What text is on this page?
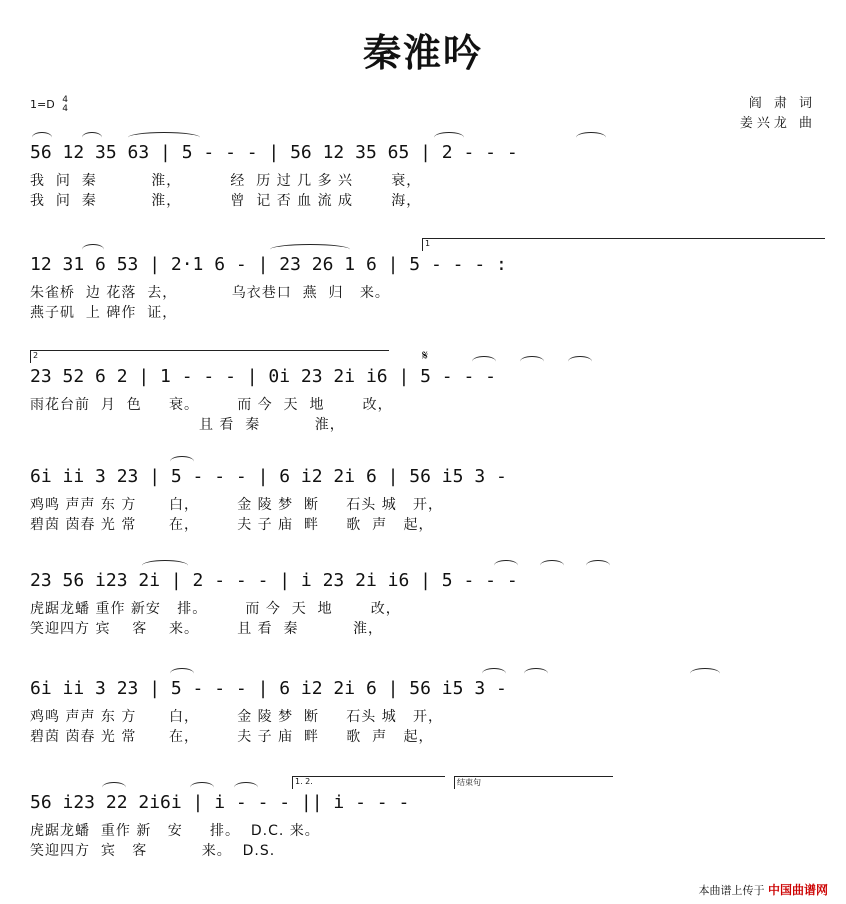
秦淮吟
1=D 4
4	阎 肃 词
姜兴龙 曲
56 12 35 63 | 5 - - - | 56 12 35 65 | 2 - - -
我  问  秦          淮，         经  历 过 几 多 兴       衰，
我  问  秦          淮，         曾  记 否 血 流 成       海，
1
12 31 6 53 | 2·1 6 - | 23 26 1 6 | 5 - - - :
朱雀桥  边 花落  去，          乌衣巷口  燕  归   来。
燕子矶  上 碑作  证，
2	𝄋
23 52 6 2 | 1 - - - | 0i 23 2i i6 | 5 - - -
雨花台前  月  色     衰。       而 今  天  地       改，
且 看  秦          淮，
6i ii 3 23 | 5 - - - | 6 i2 2i 6 | 56 i5 3 -
鸡鸣 声声 东 方      白，       金 陵 梦  断     石头 城   开，
碧茵 茵春 光 常      在，       夫 子 庙  畔     歌  声   起，
23 56 i23 2i | 2 - - - | i 23 2i i6 | 5 - - -
虎踞龙蟠 重作 新安   排。       而 今  天  地       改，
笑迎四方 宾    客    来。       且 看  秦          淮，
6i ii 3 23 | 5 - - - | 6 i2 2i 6 | 56 i5 3 -
鸡鸣 声声 东 方      白，       金 陵 梦  断     石头 城   开，
碧茵 茵春 光 常      在，       夫 子 庙  畔     歌  声   起，
1. 2.	结束句
56 i23 22 2i6i | i - - - || i - - -
虎踞龙蟠  重作 新   安     排。  D.C. 来。
笑迎四方  宾   客          来。  D.S.
本曲谱上传于 中国曲谱网
